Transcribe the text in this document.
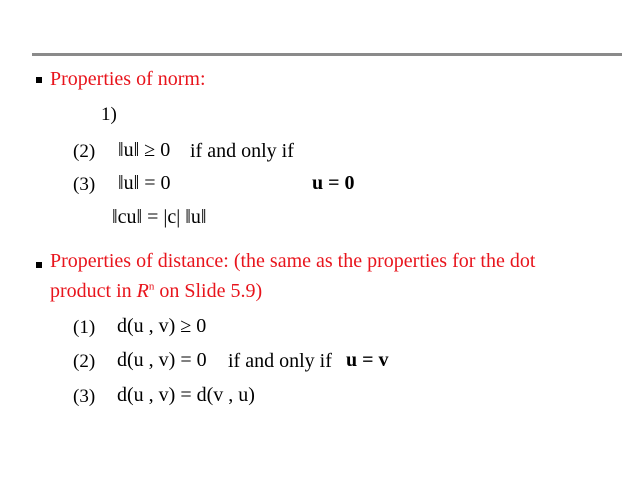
Properties of norm:
1)
(2) ‖u‖ ≥ 0 if and only if
(3) ‖u‖ = 0	u = 0
‖cu‖ = |c| ‖u‖
Properties of distance: (the same as the properties for the dot
product in $R^n$ on Slide 5.9)
(1) d(u , v) ≥ 0
(2) d(u , v) = 0 if and only if u = v
(3) d(u , v) = d(v , u)
